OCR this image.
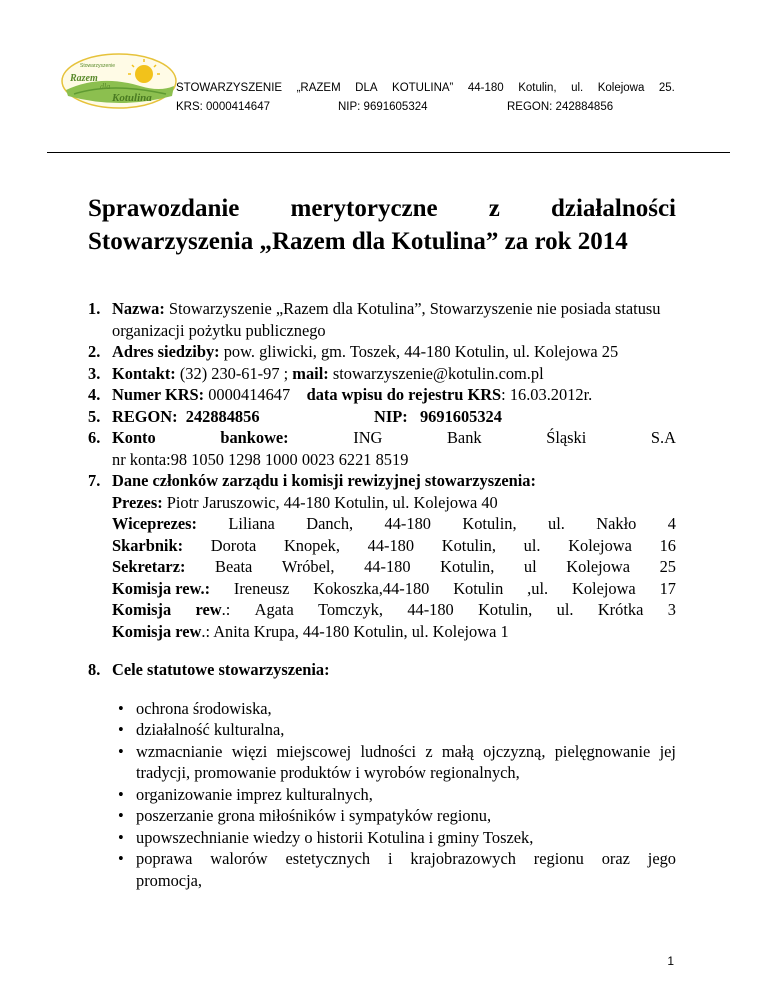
Stowarzyszenie
Razem
dla
Kotulina
STOWARZYSZENIE „RAZEM DLA KOTULINA” 44-180 Kotulin, ul. Kolejowa 25.
KRS: 0000414647	NIP: 9691605324	REGON: 242884856
Sprawozdanie merytoryczne z działalności
Stowarzyszenia „Razem dla Kotulina” za rok 2014
1. Nazwa: Stowarzyszenie „Razem dla Kotulina”, Stowarzyszenie nie posiada statusu organizacji pożytku publicznego
2. Adres siedziby: pow. gliwicki, gm. Toszek, 44-180 Kotulin, ul. Kolejowa 25
3. Kontakt: (32) 230-61-97 ; mail: stowarzyszenie@kotulin.com.pl
4. Numer KRS: 0000414647 data wpisu do rejestru KRS: 16.03.2012r.
5. REGON:  242884856	NIP:   9691605324
6. Konto	bankowe:	ING	Bank	Śląski	S.A
nr konta:98 1050 1298 1000 0023 6221 8519
7. Dane członków zarządu i komisji rewizyjnej stowarzyszenia:
Prezes: Piotr Jaruszowic, 44-180 Kotulin, ul. Kolejowa 40
Wiceprezes: Liliana Danch, 44-180 Kotulin, ul. Nakło 4
Skarbnik: Dorota Knopek, 44-180 Kotulin, ul. Kolejowa 16
Sekretarz: Beata Wróbel, 44-180 Kotulin, ul Kolejowa 25
Komisja rew.: Ireneusz Kokoszka,44-180 Kotulin ,ul. Kolejowa 17
Komisja rew.: Agata Tomczyk, 44-180 Kotulin, ul. Krótka 3
Komisja rew.: Anita Krupa, 44-180 Kotulin, ul. Kolejowa 1
8. Cele statutowe stowarzyszenia:
• ochrona środowiska,
• działalność kulturalna,
• wzmacnianie więzi miejscowej ludności z małą ojczyzną, pielęgnowanie jej tradycji, promowanie produktów i wyrobów regionalnych,
• organizowanie imprez kulturalnych,
• poszerzanie grona miłośników i sympatyków regionu,
• upowszechnianie wiedzy o historii Kotulina i gminy Toszek,
• poprawa walorów estetycznych i krajobrazowych regionu oraz jego promocja,
1
